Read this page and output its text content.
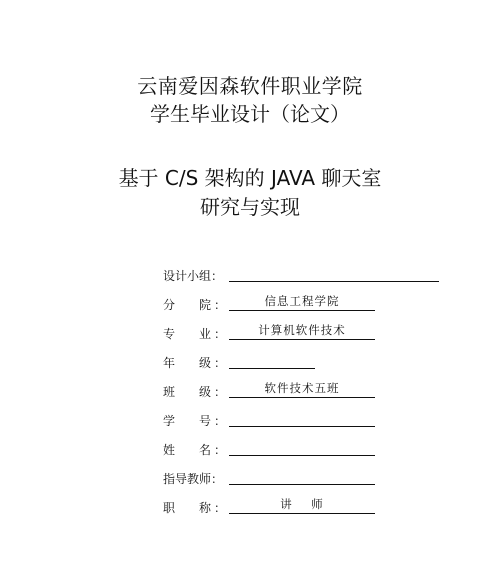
云南爱因森软件职业学院
学生毕业设计（论文）
基于 C/S 架构的 JAVA 聊天室
研究与实现
设计小组：
分 院 ：	信息工程学院
专 业 ：	计算机软件技术
年 级 ：
班 级 ：	软件技术五班
学 号 ：
姓 名 ：
指导教师：
职 称 ：	讲    师
